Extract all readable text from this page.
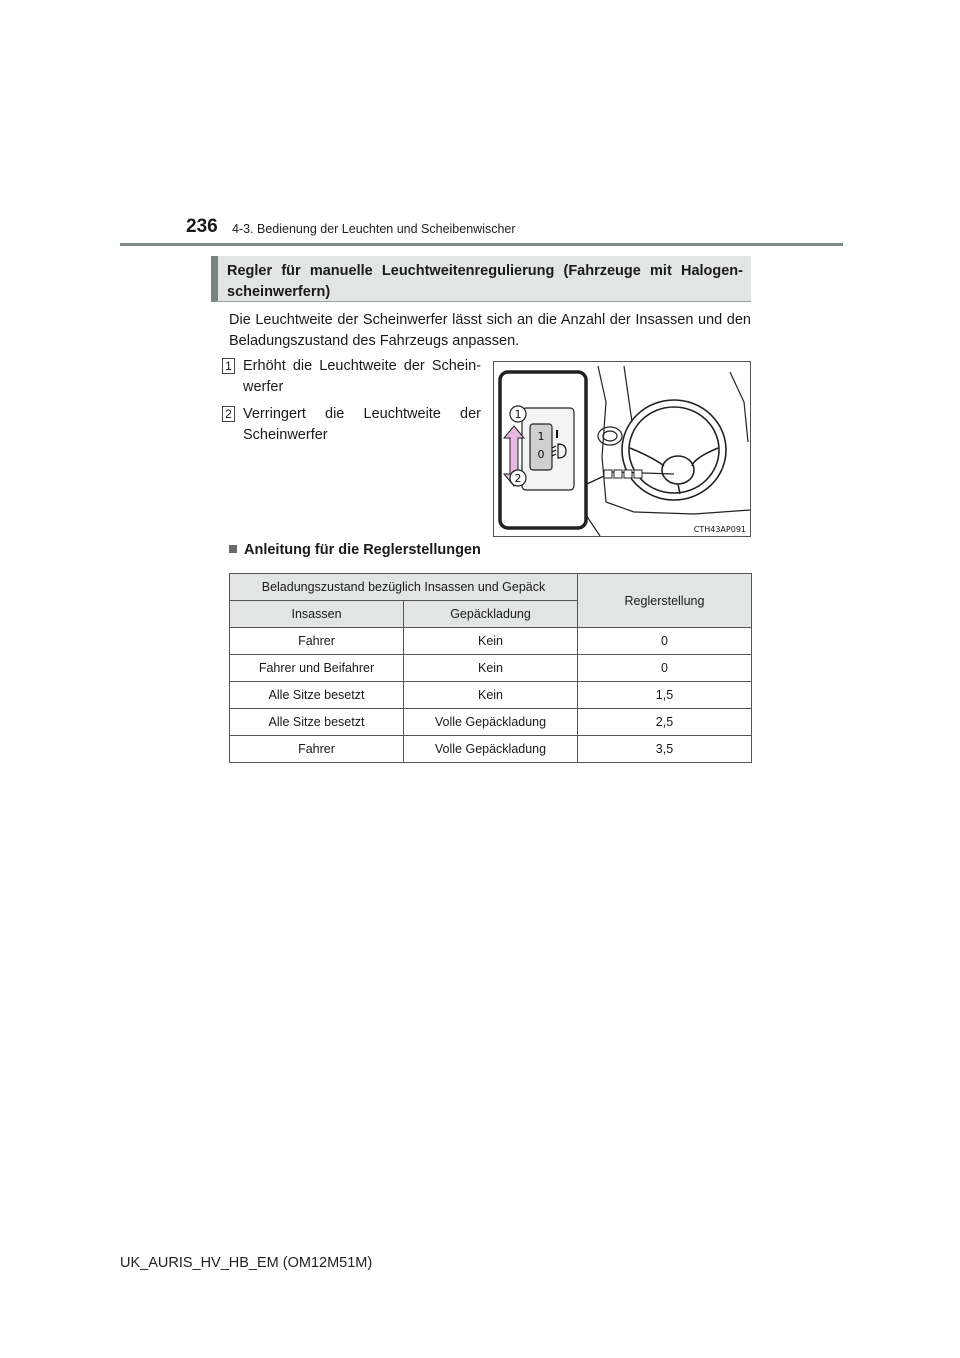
236 4-3. Bedienung der Leuchten und Scheibenwischer
Regler für manuelle Leuchtweitenregulierung (Fahrzeuge mit Halogen-scheinwerfern)
Die Leuchtweite der Scheinwerfer lässt sich an die Anzahl der Insassen und den Beladungszustand des Fahrzeugs anpassen.
1 Erhöht die Leuchtweite der Schein-werfer
2 Verringert die Leuchtweite der Scheinwerfer	1
0
1
2
CTH43AP091
Anleitung für die Reglerstellungen
Beladungszustand bezüglich Insassen und Gepäck		Reglerstellung
Insassen	Gepäckladung	
Fahrer	Kein	0
Fahrer und Beifahrer	Kein	0
Alle Sitze besetzt	Kein	1,5
Alle Sitze besetzt	Volle Gepäckladung	2,5
Fahrer	Volle Gepäckladung	3,5
UK_AURIS_HV_HB_EM (OM12M51M)
